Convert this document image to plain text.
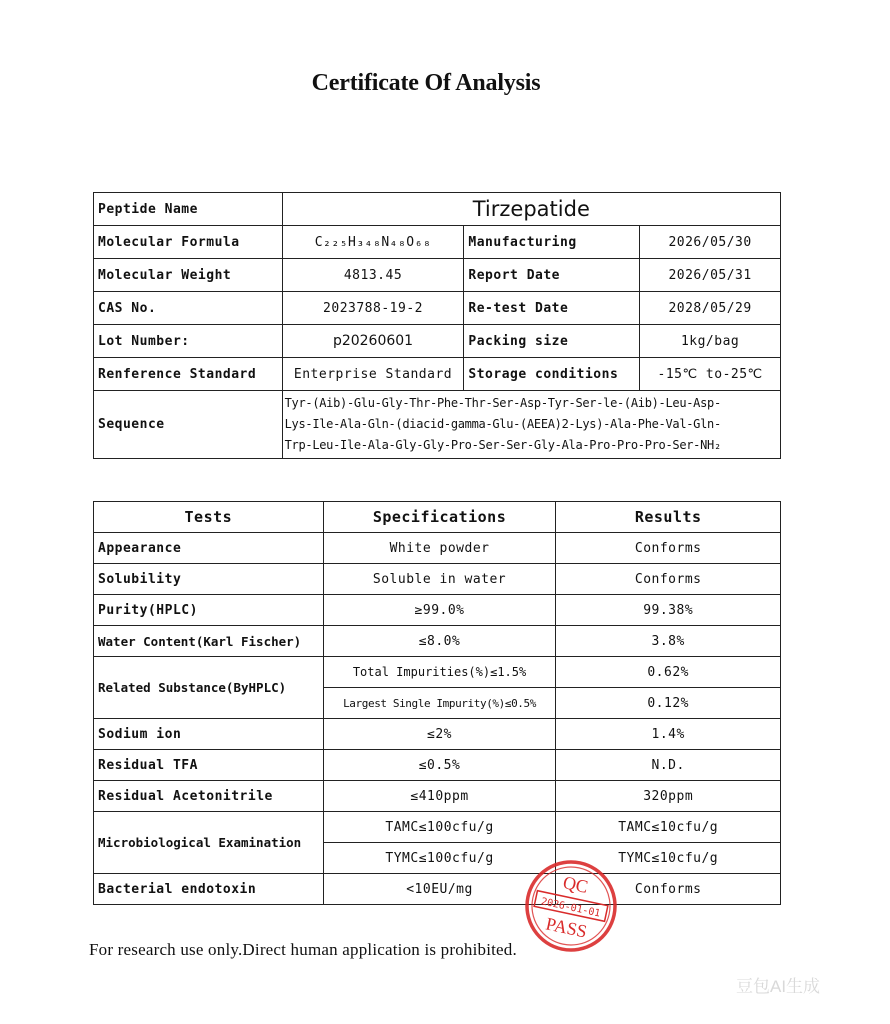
Certificate Of Analysis
Peptide Name	Tirzepatide		
Molecular Formula	C₂₂₅H₃₄₈N₄₈O₆₈	Manufacturing	2026/05/30
Molecular Weight	4813.45	Report Date	2026/05/31
CAS No.	2023788-19-2	Re-test Date	2028/05/29
Lot Number:	p20260601	Packing size	1kg/bag
Renference Standard	Enterprise Standard	Storage conditions	-15℃ to-25℃
Sequence	Tyr-(Aib)-Glu-Gly-Thr-Phe-Thr-Ser-Asp-Tyr-Ser-le-(Aib)-Leu-Asp-
Lys-Ile-Ala-Gln-(diacid-gamma-Glu-(AEEA)2-Lys)-Ala-Phe-Val-Gln-
Trp-Leu-Ile-Ala-Gly-Gly-Pro-Ser-Ser-Gly-Ala-Pro-Pro-Pro-Ser-NH₂		
Tests	Specifications	Results
Appearance	White powder	Conforms
Solubility	Soluble in water	Conforms
Purity(HPLC)	≥99.0%	99.38%
Water Content(Karl Fischer)	≤8.0%	3.8%
Related Substance(ByHPLC)	Total Impurities(%)≤1.5%	0.62%
	Largest Single Impurity(%)≤0.5%	0.12%
Sodium ion	≤2%	1.4%
Residual TFA	≤0.5%	N.D.
Residual Acetonitrile	≤410ppm	320ppm
Microbiological Examination	TAMC≤100cfu/g	TAMC≤10cfu/g
	TYMC≤100cfu/g	TYMC≤10cfu/g
Bacterial endotoxin	<10EU/mg	Conforms
For research use only.Direct human application is prohibited.
QC
2026-01-01
PASS
豆包AI生成
